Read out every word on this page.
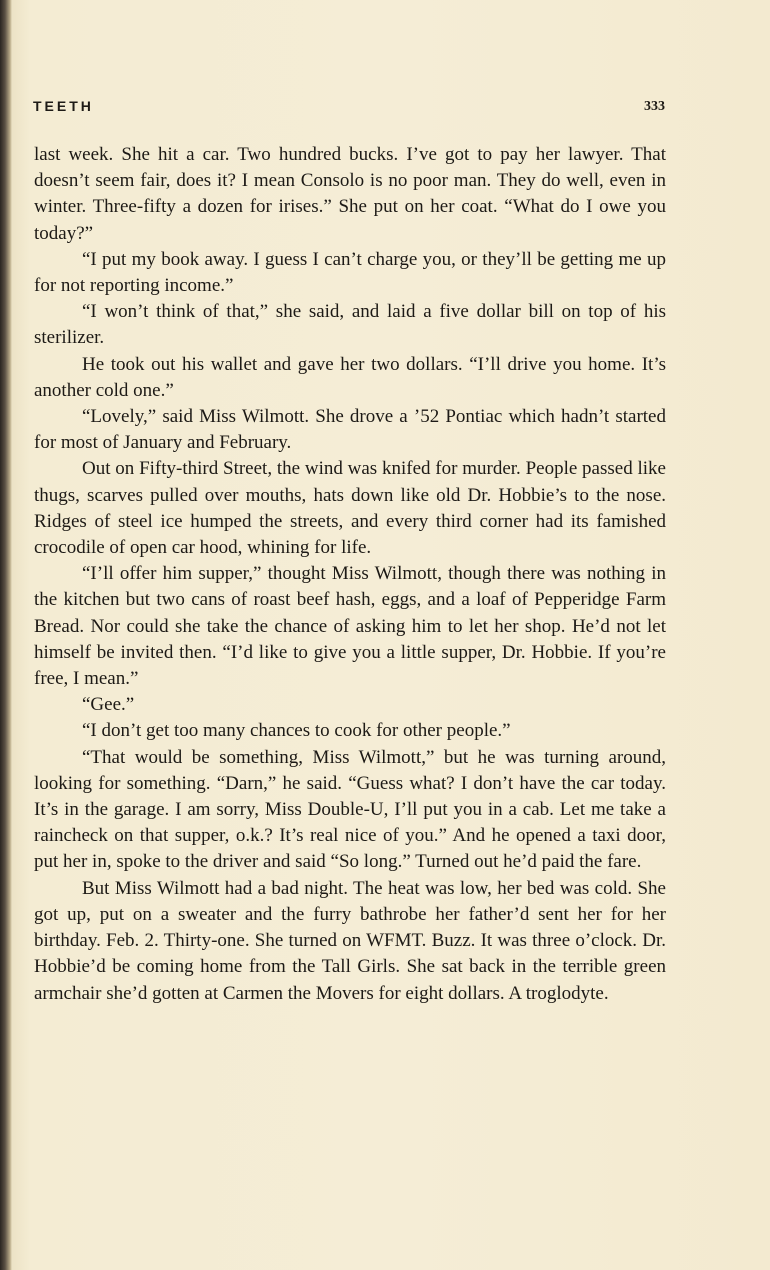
TEETH	333

last week. She hit a car. Two hundred bucks. I’ve got to pay her lawyer. That doesn’t seem fair, does it? I mean Consolo is no poor man. They do well, even in winter. Three-fifty a dozen for irises.” She put on her coat. “What do I owe you today?”

“I put my book away. I guess I can’t charge you, or they’ll be getting me up for not reporting income.”

“I won’t think of that,” she said, and laid a five dollar bill on top of his sterilizer.

He took out his wallet and gave her two dollars. “I’ll drive you home. It’s another cold one.”

“Lovely,” said Miss Wilmott. She drove a ’52 Pontiac which hadn’t started for most of January and February.

Out on Fifty-third Street, the wind was knifed for murder. People passed like thugs, scarves pulled over mouths, hats down like old Dr. Hobbie’s to the nose. Ridges of steel ice humped the streets, and every third corner had its famished crocodile of open car hood, whining for life.

“I’ll offer him supper,” thought Miss Wilmott, though there was nothing in the kitchen but two cans of roast beef hash, eggs, and a loaf of Pepperidge Farm Bread. Nor could she take the chance of asking him to let her shop. He’d not let himself be invited then. “I’d like to give you a little supper, Dr. Hobbie. If you’re free, I mean.”

“Gee.”

“I don’t get too many chances to cook for other people.”

“That would be something, Miss Wilmott,” but he was turning around, looking for something. “Darn,” he said. “Guess what? I don’t have the car today. It’s in the garage. I am sorry, Miss Double-U, I’ll put you in a cab. Let me take a raincheck on that supper, o.k.? It’s real nice of you.” And he opened a taxi door, put her in, spoke to the driver and said “So long.” Turned out he’d paid the fare.

But Miss Wilmott had a bad night. The heat was low, her bed was cold. She got up, put on a sweater and the furry bathrobe her father’d sent her for her birthday. Feb. 2. Thirty-one. She turned on WFMT. Buzz. It was three o’clock. Dr. Hobbie’d be coming home from the Tall Girls. She sat back in the terrible green armchair she’d gotten at Carmen the Movers for eight dollars. A troglodyte.
